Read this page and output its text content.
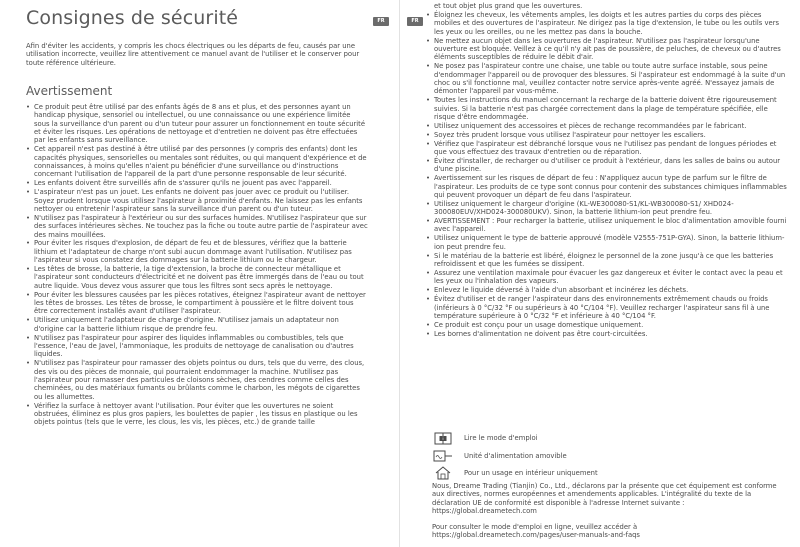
Consignes de sécurité	FR

Afin d'éviter les accidents, y compris les chocs électriques ou les départs de feu, causés par une utilisation incorrecte, veuillez lire attentivement ce manuel avant de l'utiliser et le conserver pour toute référence ultérieure.

Avertissement
• Ce produit peut être utilisé par des enfants âgés de 8 ans et plus, et des personnes ayant un handicap physique, sensoriel ou intellectuel, ou une connaissance ou une expérience limitée sous la surveillance d'un parent ou d'un tuteur pour assurer un fonctionnement en toute sécurité et éviter les risques. Les opérations de nettoyage et d'entretien ne doivent pas être effectuées par les enfants sans surveillance.
• Cet appareil n'est pas destiné à être utilisé par des personnes (y compris des enfants) dont les capacités physiques, sensorielles ou mentales sont réduites, ou qui manquent d'expérience et de connaissances, à moins qu'elles n'aient pu bénéficier d'une surveillance ou d'instructions concernant l'utilisation de l'appareil de la part d'une personne responsable de leur sécurité.
• Les enfants doivent être surveillés afin de s'assurer qu'ils ne jouent pas avec l'appareil.
• L'aspirateur n'est pas un jouet. Les enfants ne doivent pas jouer avec ce produit ou l'utiliser. Soyez prudent lorsque vous utilisez l'aspirateur à proximité d'enfants. Ne laissez pas les enfants nettoyer ou entretenir l'aspirateur sans la surveillance d'un parent ou d'un tuteur.
• N'utilisez pas l'aspirateur à l'extérieur ou sur des surfaces humides. N'utilisez l'aspirateur que sur des surfaces intérieures sèches. Ne touchez pas la fiche ou toute autre partie de l'aspirateur avec des mains mouillées.
• Pour éviter les risques d'explosion, de départ de feu et de blessures, vérifiez que la batterie lithium et l'adaptateur de charge n'ont subi aucun dommage avant l'utilisation. N'utilisez pas l'aspirateur si vous constatez des dommages sur la batterie lithium ou le chargeur.
• Les têtes de brosse, la batterie, la tige d'extension, la broche de connecteur métallique et l'aspirateur sont conducteurs d'électricité et ne doivent pas être immergés dans de l'eau ou tout autre liquide. Vous devez vous assurer que tous les filtres sont secs après le nettoyage.
• Pour éviter les blessures causées par les pièces rotatives, éteignez l'aspirateur avant de nettoyer les têtes de brosses. Les têtes de brosse, le compartiment à poussière et le filtre doivent tous être correctement installés avant d'utiliser l'aspirateur.
• Utilisez uniquement l'adaptateur de charge d'origine. N'utilisez jamais un adaptateur non d'origine car la batterie lithium risque de prendre feu.
• N'utilisez pas l'aspirateur pour aspirer des liquides inflammables ou combustibles, tels que l'essence, l'eau de Javel, l'ammoniaque, les produits de nettoyage de canalisation ou d'autres liquides.
• N'utilisez pas l'aspirateur pour ramasser des objets pointus ou durs, tels que du verre, des clous, des vis ou des pièces de monnaie, qui pourraient endommager la machine. N'utilisez pas l'aspirateur pour ramasser des particules de cloisons sèches, des cendres comme celles des cheminées, ou des matériaux fumants ou brûlants comme le charbon, les mégots de cigarettes ou les allumettes.
• Vérifiez la surface à nettoyer avant l'utilisation. Pour éviter que les ouvertures ne soient obstruées, éliminez es plus gros papiers, les boulettes de papier , les tissus en plastique ou les objets pointus (tels que le verre, les clous, les vis, les pièces, etc.) de grande taille
FR
et tout objet plus grand que les ouvertures.
• Éloignez les cheveux, les vêtements amples, les doigts et les autres parties du corps des pièces mobiles et des ouvertures de l'aspirateur. Ne dirigez pas la tige d'extension, le tube ou les outils vers les yeux ou les oreilles, ou ne les mettez pas dans la bouche.
• Ne mettez aucun objet dans les ouvertures de l'aspirateur. N'utilisez pas l'aspirateur lorsqu'une ouverture est bloquée. Veillez à ce qu'il n'y ait pas de poussière, de peluches, de cheveux ou d'autres éléments susceptibles de réduire le débit d'air.
• Ne posez pas l'aspirateur contre une chaise, une table ou toute autre surface instable, sous peine d'endommager l'appareil ou de provoquer des blessures. Si l'aspirateur est endommagé à la suite d'un choc ou s'il fonctionne mal, veuillez contacter notre service après-vente agréé. N'essayez jamais de démonter l'appareil par vous-même.
• Toutes les instructions du manuel concernant la recharge de la batterie doivent être rigoureusement suivies. Si la batterie n'est pas chargée correctement dans la plage de température spécifiée, elle risque d'être endommagée.
• Utilisez uniquement des accessoires et pièces de rechange recommandées par le fabricant.
• Soyez très prudent lorsque vous utilisez l'aspirateur pour nettoyer les escaliers.
• Vérifiez que l'aspirateur est débranché lorsque vous ne l'utilisez pas pendant de longues périodes et que vous effectuez des travaux d'entretien ou de réparation.
• Évitez d'installer, de recharger ou d'utiliser ce produit à l'extérieur, dans les salles de bains ou autour d'une piscine.
• Avertissement sur les risques de départ de feu : N'appliquez aucun type de parfum sur le filtre de l'aspirateur. Les produits de ce type sont connus pour contenir des substances chimiques inflammables qui peuvent provoquer un départ de feu dans l'aspirateur.
• Utilisez uniquement le chargeur d'origine (KL-WE300080-S1/KL-WB300080-S1/ XHD024-300080EUV/XHD024-300080UKV). Sinon, la batterie lithium-ion peut prendre feu.
• AVERTISSEMENT : Pour recharger la batterie, utilisez uniquement le bloc d'alimentation amovible fourni avec l'appareil.
• Utilisez uniquement le type de batterie approuvé (modèle V2555-751P-GYA). Sinon, la batterie lithium-ion peut prendre feu.
• Si le matériau de la batterie est libéré, éloignez le personnel de la zone jusqu'à ce que les batteries refroidissent et que les fumées se dissipent.
• Assurez une ventilation maximale pour évacuer les gaz dangereux et éviter le contact avec la peau et les yeux ou l'inhalation des vapeurs.
• Enlevez le liquide déversé à l'aide d'un absorbant et incinérez les déchets.
• Évitez d'utiliser et de ranger l'aspirateur dans des environnements extrêmement chauds ou froids (inférieurs à 0 °C/32 °F ou supérieurs à 40 °C/104 °F). Veuillez recharger l'aspirateur sans fil à une température supérieure à 0 °C/32 °F et inférieure à 40 °C/104 °F.
• Ce produit est conçu pour un usage domestique uniquement.
• Les bornes d'alimentation ne doivent pas être court-circuitées.
i	Lire le mode d'emploi
Unité d'alimentation amovible
Pour un usage en intérieur uniquement

Nous, Dreame Trading (Tianjin) Co., Ltd., déclarons par la présente que cet équipement est conforme aux directives, normes européennes et amendements applicables. L'intégralité du texte de la déclaration UE de conformité est disponible à l'adresse Internet suivante : https://global.dreametech.com

Pour consulter le mode d'emploi en ligne, veuillez accéder à https://global.dreametech.com/pages/user-manuals-and-faqs
